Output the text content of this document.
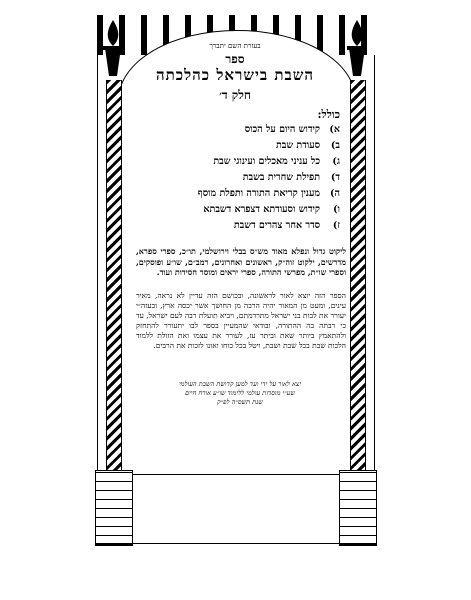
בעזרת השם יתברך
ספר
השבת בישראל כהלכתה
חלק ד׳
כולל:
א)
קידוש היום על הכוס
ב)
סעודת שבת
ג)
כל עניני מאכלים ועינוגי שבת
ד)
תפילת שחרית בשבת
ה)
מענין קריאת התורה ותפלת מוסף
ו)
קידוש וסעודתא דצפרא דשבתא
ז)
סדר אחר צהרים דשבת
ליקוט גדול ונפלא מאוד מש״ס בבלי וירושלמי, תו״כ, ספרי ספרא, מדרשים, ילקוט זוה״ק, ראשונים ואחרונים, רמב״ם, שו״ע ופוסקים, וספרי שו״ת, מפרשי התורה, ספרי יראים ומוסר חסידות ועוד.
הספר הזה יוצא לאור לראשונה, ובכושם הזה עדיין לא נראה, מאיר עינים, ומעט מן המאור יהיה הרבה מן החושך אשר יכסה ארץ, ובעזה״י יעורר את לבות בני ישראל מתרדמתם, ויביא תועלת רבה לעם ישראל, עד כי רבתה בה ההתורה, ובודאי שהמעיין בספר לבו יתעורר להתחזק ולהתאמץ ביותר שאת וביתר עז, לעורר את עצמו ואת הזולת ללמוד הלכות שבת בכל שבת ושבת, ויטל בכל כוחו ואונו לזכות את הרבים.
יצא לאור על ידי ועד למען קדושת השבת העולמי
שע״י מוסדות עולמי ללימוד שו״ע אורח חיים
שנת תשס״ה לפ״ק
